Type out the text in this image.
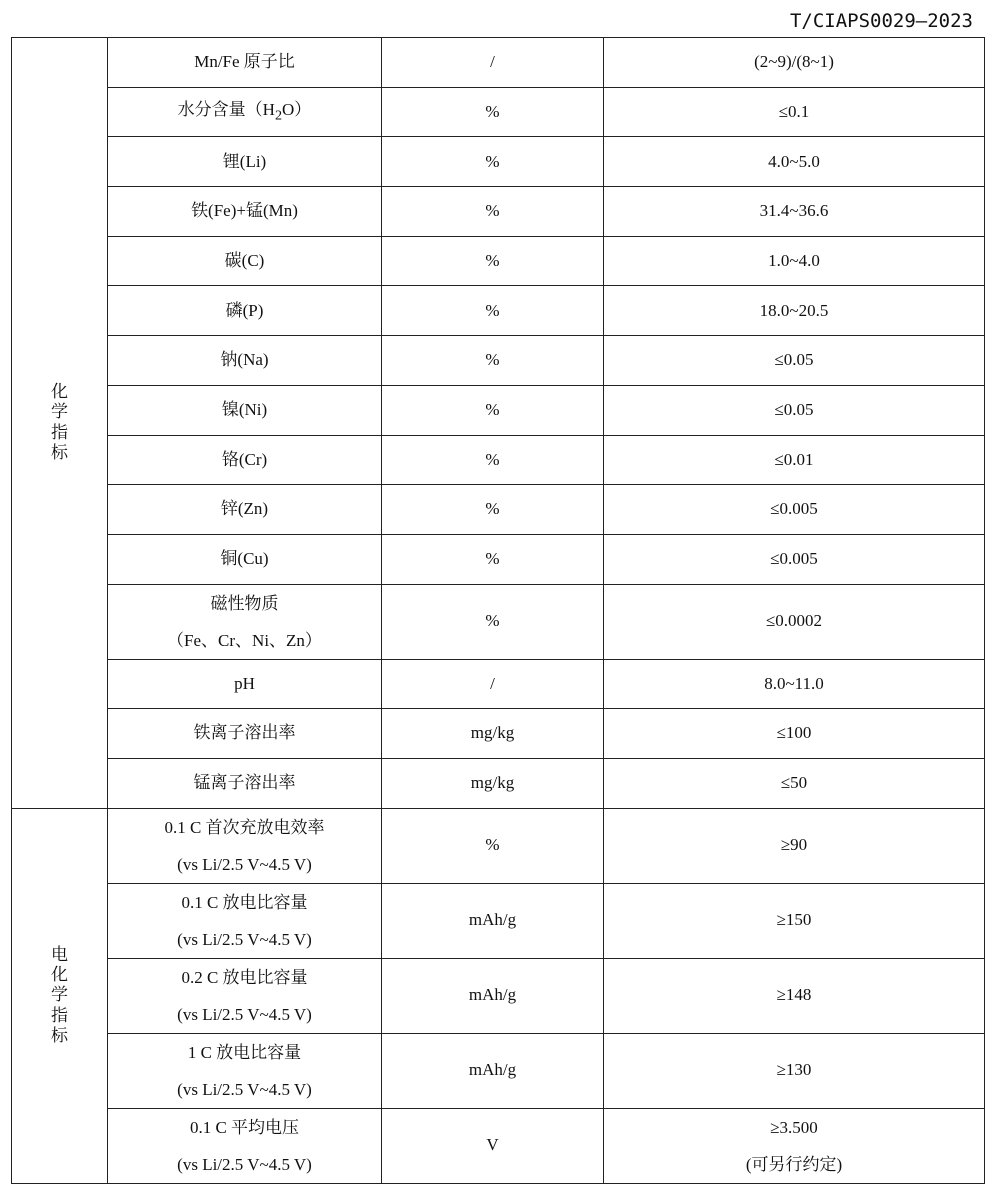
T/CIAPS0029—2023
化
学
指
标	Mn/Fe 原子比	/	(2~9)/(8~1)
	水分含量$(H_2O)$	%	≤0.1
	锂(Li)	%	4.0~5.0
	铁(Fe)+锰(Mn)	%	31.4~36.6
	碳(C)	%	1.0~4.0
	磷(P)	%	18.0~20.5
	钠(Na)	%	≤0.05
	镍(Ni)	%	≤0.05
	铬(Cr)	%	≤0.01
	锌(Zn)	%	≤0.005
	铜(Cu)	%	≤0.005

	磁性物质
（Fe、Cr、Ni、Zn）	%	≤0.0002
	pH	/	8.0~11.0
	铁离子溶出率	mg/kg	≤100
	锰离子溶出率	mg/kg	≤50

电
化
学
指
标	0.1 C 首次充放电效率
(vs Li/2.5 V~4.5 V)	%	≥90

	0.1 C 放电比容量
(vs Li/2.5 V~4.5 V)	mAh/g	≥150

	0.2 C 放电比容量
(vs Li/2.5 V~4.5 V)	mAh/g	≥148

	1 C 放电比容量
(vs Li/2.5 V~4.5 V)	mAh/g	≥130

	0.1 C 平均电压
(vs Li/2.5 V~4.5 V)	V	≥3.500
(可另行约定)
